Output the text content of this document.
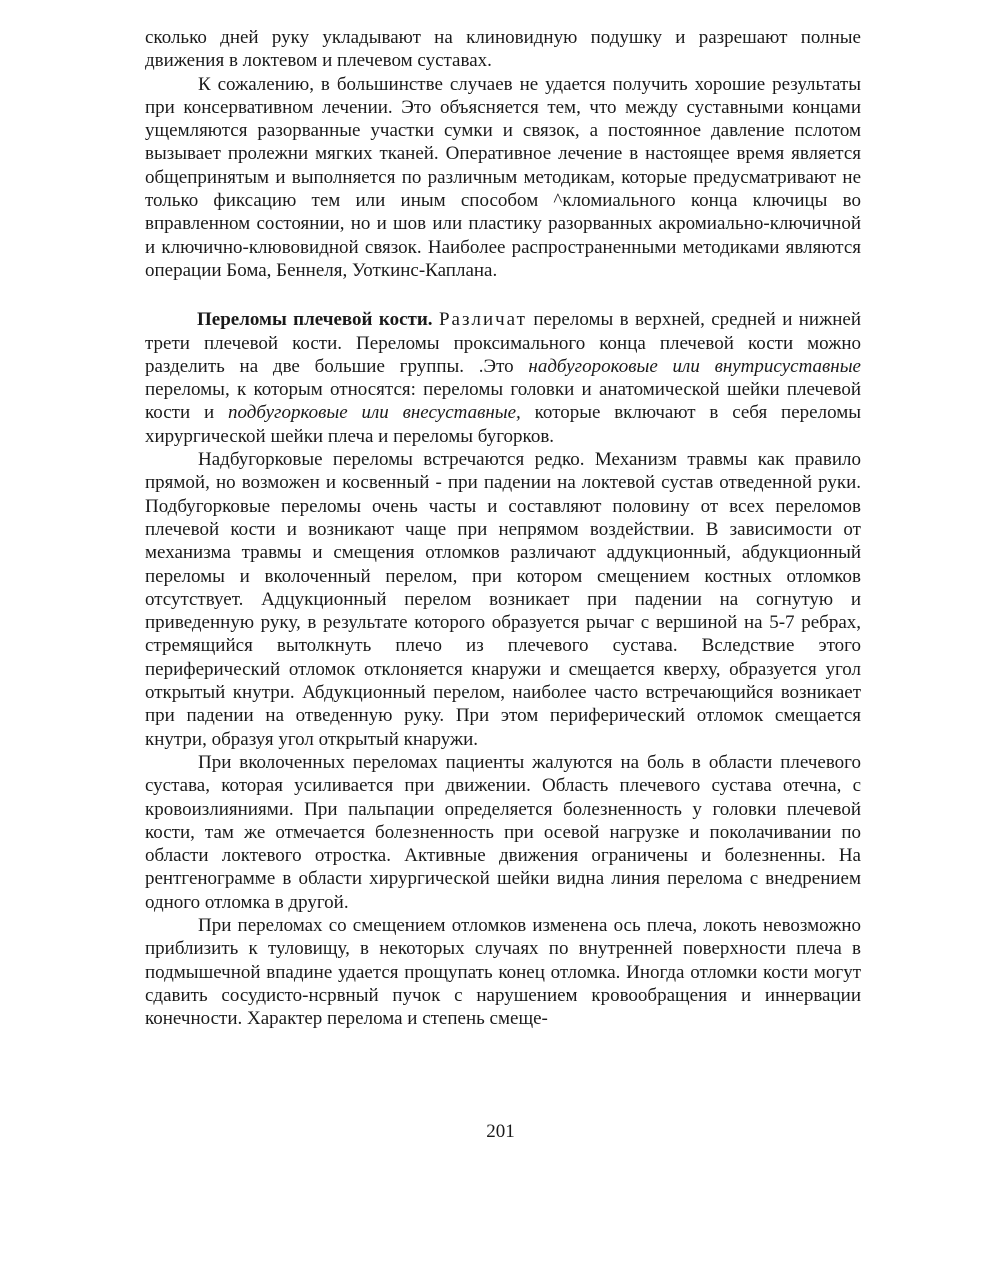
сколько дней руку укладывают на клиновидную подушку и разрешают полные движения в локтевом и плечевом суставах.

К сожалению, в большинстве случаев не удается получить хорошие результаты при консервативном лечении. Это объясняется тем, что между суставными концами ущемляются разорванные участки сумки и связок, а постоянное давление пслотом вызывает пролежни мягких тканей. Оперативное лечение в настоящее время является общепринятым и выполняется по различным методикам, которые предусматривают не только фиксацию тем или иным способом ^кломиального конца ключицы во вправленном состоянии, но и шов или пластику разорванных акромиально-ключичной и ключично-клювовидной связок. Наиболее распространенными методиками являются операции Бома, Беннеля, Уоткинс-Каплана.

Переломы плечевой кости. Различат переломы в верхней, средней и нижней трети плечевой кости. Переломы проксимального конца плечевой кости можно разделить на две большие группы. .Это надбугороковые или внутрисуставные переломы, к которым относятся: переломы головки и анатомической шейки плечевой кости и подбугорковые или внесуставные, которые включают в себя переломы хирургической шейки плеча и переломы бугорков.

Надбугорковые переломы встречаются редко. Механизм травмы как правило прямой, но возможен и косвенный - при падении на локтевой сустав отведенной руки. Подбугорковые переломы очень часты и составляют половину от всех переломов плечевой кости и возникают чаще при непрямом воздействии. В зависимости от механизма травмы и смещения отломков различают аддукционный, абдукционный переломы и вколоченный перелом, при котором смещением костных отломков отсутствует. Адцукционный перелом возникает при падении на согнутую и приведенную руку, в результате которого образуется рычаг с вершиной на 5-7 ребрах, стремящийся вытолкнуть плечо из плечевого сустава. Вследствие этого периферический отломок отклоняется кнаружи и смещается кверху, образуется угол открытый кнутри. Абдукционный перелом, наиболее часто встречающийся возникает при падении на отведенную руку. При этом периферический отломок смещается кнутри, образуя угол открытый кнаружи.

При вколоченных переломах пациенты жалуются на боль в области плечевого сустава, которая усиливается при движении. Область плечевого сустава отечна, с кровоизлияниями. При пальпации определяется болезненность у головки плечевой кости, там же отмечается болезненность при осевой нагрузке и поколачивании по области локтевого отростка. Активные движения ограничены и болезненны. На рентгенограмме в области хирургической шейки видна линия перелома с внедрением одного отломка в другой.

При переломах со смещением отломков изменена ось плеча, локоть невозможно приблизить к туловищу, в некоторых случаях по внутренней поверхности плеча в подмышечной впадине удается прощупать конец отломка. Иногда отломки кости могут сдавить сосудисто-нсрвный пучок с нарушением кровообращения и иннервации конечности. Характер перелома и степень смеще-

201
